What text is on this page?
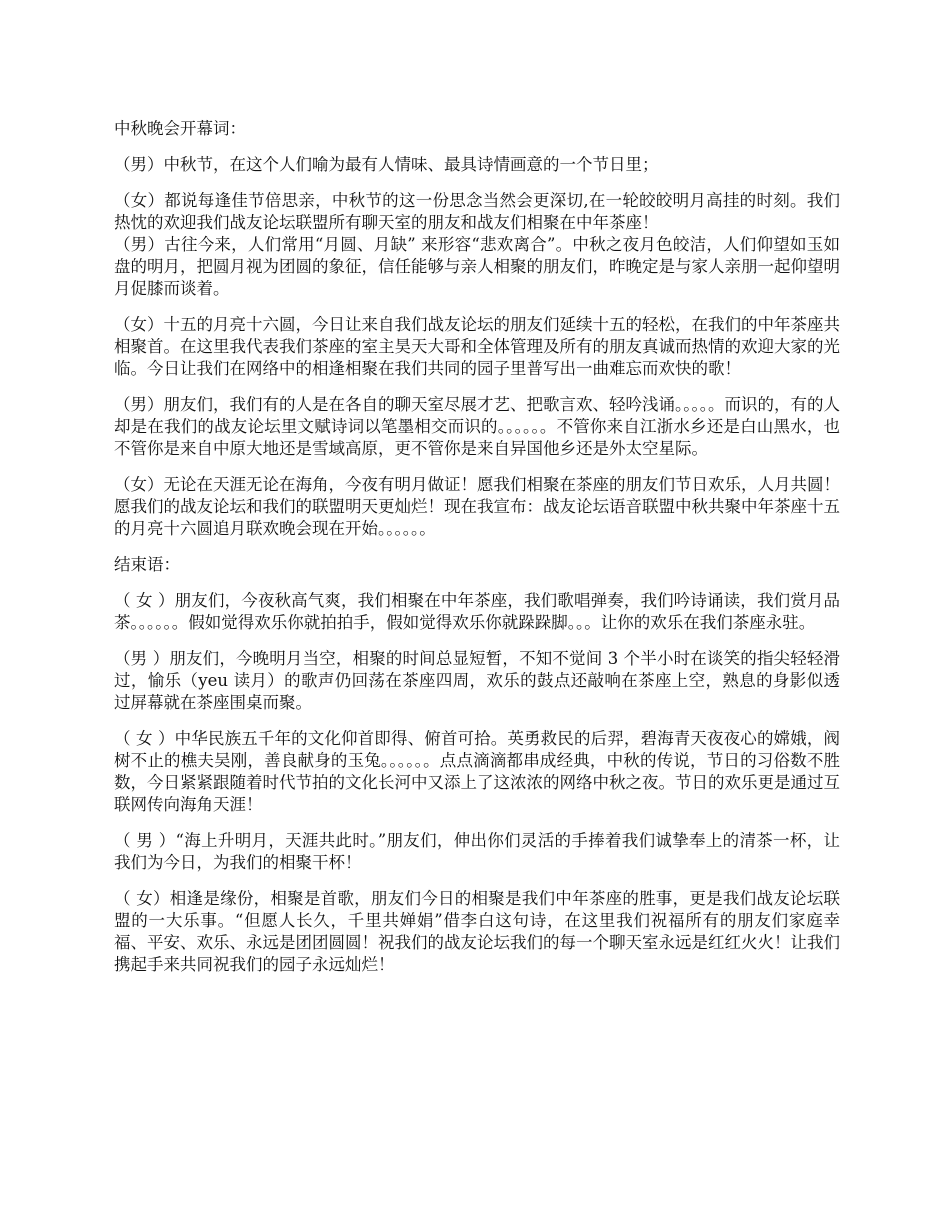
中秋晚会开幕词：

（男）中秋节，在这个人们喻为最有人情味、最具诗情画意的一个节日里；

（女）都说每逢佳节倍思亲，中秋节的这一份思念当然会更深切,在一轮皎皎明月高挂的时刻。我们热忱的欢迎我们战友论坛联盟所有聊天室的朋友和战友们相聚在中年茶座！

（男）古往今来，人们常用“月圆、月缺” 来形容“悲欢离合”。中秋之夜月色皎洁，人们仰望如玉如盘的明月，把圆月视为团圆的象征，信任能够与亲人相聚的朋友们，昨晚定是与家人亲朋一起仰望明月促膝而谈着。

（女）十五的月亮十六圆，今日让来自我们战友论坛的朋友们延续十五的轻松，在我们的中年茶座共相聚首。在这里我代表我们茶座的室主昊天大哥和全体管理及所有的朋友真诚而热情的欢迎大家的光临。今日让我们在网络中的相逢相聚在我们共同的园子里普写出一曲难忘而欢快的歌！

（男）朋友们，我们有的人是在各自的聊天室尽展才艺、把歌言欢、轻吟浅诵。。。。。而识的，有的人却是在我们的战友论坛里文赋诗词以笔墨相交而识的。。。。。。不管你来自江浙水乡还是白山黑水，也不管你是来自中原大地还是雪域高原，更不管你是来自异国他乡还是外太空星际。

（女）无论在天涯无论在海角，今夜有明月做证！愿我们相聚在茶座的朋友们节日欢乐，人月共圆！愿我们的战友论坛和我们的联盟明天更灿烂！现在我宣布：战友论坛语音联盟中秋共聚中年茶座十五的月亮十六圆追月联欢晚会现在开始。。。。。。

结束语：

（ 女 ）朋友们，今夜秋高气爽，我们相聚在中年茶座，我们歌唱弹奏，我们吟诗诵读，我们赏月品茶。。。。。。假如觉得欢乐你就拍拍手，假如觉得欢乐你就跺跺脚。。。让你的欢乐在我们茶座永驻。

（男 ）朋友们，今晚明月当空，相聚的时间总显短暂，不知不觉间 3 个半小时在谈笑的指尖轻轻滑过，愉乐（yeu 读月）的歌声仍回荡在茶座四周，欢乐的鼓点还敲响在茶座上空，熟息的身影似透过屏幕就在茶座围桌而聚。

（ 女 ）中华民族五千年的文化仰首即得、俯首可拾。英勇救民的后羿，碧海青天夜夜心的嫦娥，阀树不止的樵夫吴刚，善良献身的玉兔。。。。。。点点滴滴都串成经典，中秋的传说，节日的习俗数不胜数，今日紧紧跟随着时代节拍的文化长河中又添上了这浓浓的网络中秋之夜。节日的欢乐更是通过互联网传向海角天涯！

（ 男 ）“海上升明月，天涯共此时。”朋友们，伸出你们灵活的手捧着我们诚挚奉上的清茶一杯，让我们为今日，为我们的相聚干杯！

（ 女）相逢是缘份，相聚是首歌，朋友们今日的相聚是我们中年茶座的胜事，更是我们战友论坛联盟的一大乐事。“但愿人长久，千里共婵娟”借李白这句诗，在这里我们祝福所有的朋友们家庭幸福、平安、欢乐、永远是团团圆圆！祝我们的战友论坛我们的每一个聊天室永远是红红火火！让我们携起手来共同祝我们的园子永远灿烂！
